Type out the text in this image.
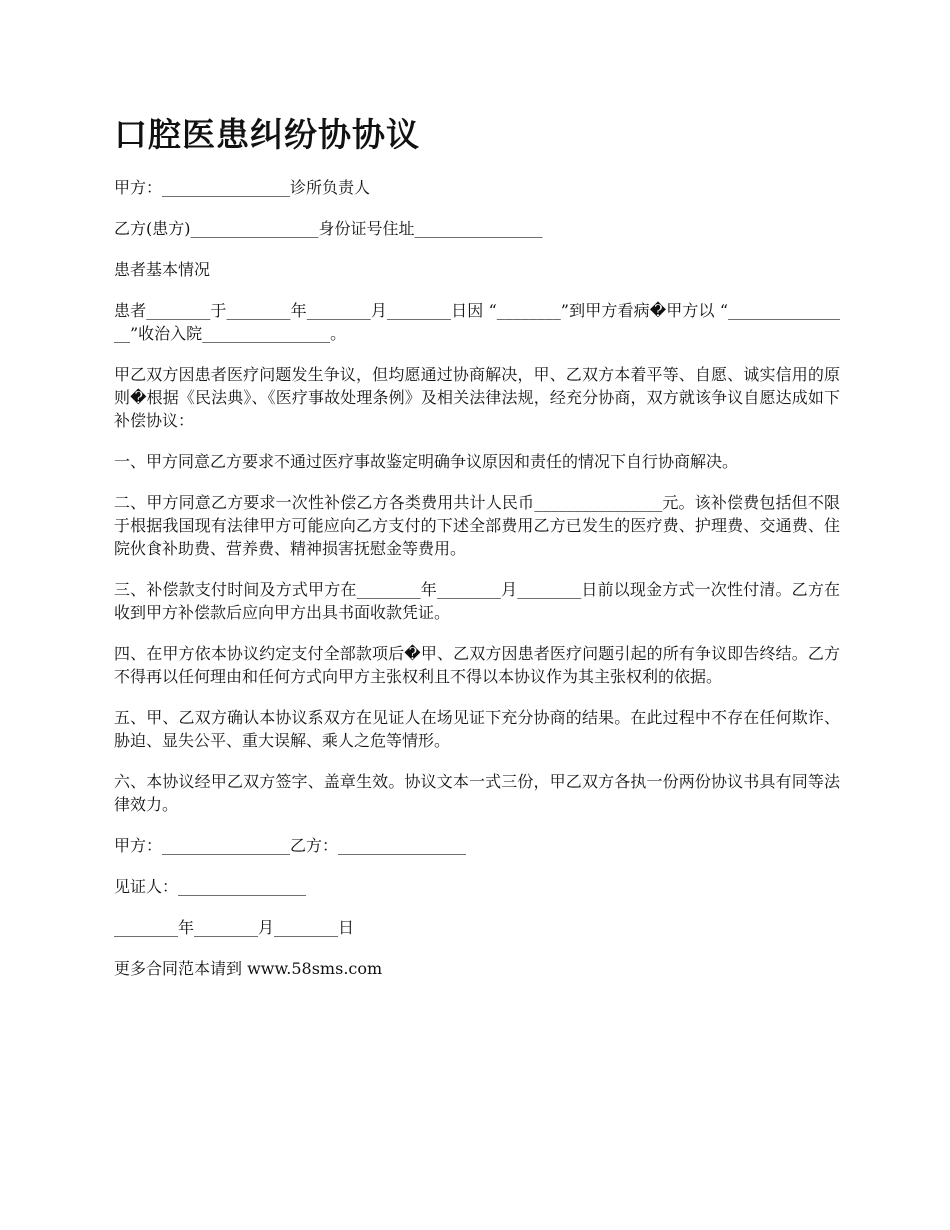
口腔医患纠纷协协议

甲方：________________诊所负责人

乙方(患方)________________身份证号住址________________

患者基本情况

患者________于________年________月________日因 “________”到甲方看病�甲方以 “________________”收治入院________________。

甲乙双方因患者医疗问题发生争议，但均愿通过协商解决，甲、乙双方本着平等、自愿、诚实信用的原则�根据《民法典》、《医疗事故处理条例》及相关法律法规，经充分协商，双方就该争议自愿达成如下补偿协议：

一、甲方同意乙方要求不通过医疗事故鉴定明确争议原因和责任的情况下自行协商解决。

二、甲方同意乙方要求一次性补偿乙方各类费用共计人民币________________元。该补偿费包括但不限于根据我国现有法律甲方可能应向乙方支付的下述全部费用乙方已发生的医疗费、护理费、交通费、住院伙食补助费、营养费、精神损害抚慰金等费用。

三、补偿款支付时间及方式甲方在________年________月________日前以现金方式一次性付清。乙方在收到甲方补偿款后应向甲方出具书面收款凭证。

四、在甲方依本协议约定支付全部款项后�甲、乙双方因患者医疗问题引起的所有争议即告终结。乙方不得再以任何理由和任何方式向甲方主张权利且不得以本协议作为其主张权利的依据。

五、甲、乙双方确认本协议系双方在见证人在场见证下充分协商的结果。在此过程中不存在任何欺诈、胁迫、显失公平、重大误解、乘人之危等情形。

六、本协议经甲乙双方签字、盖章生效。协议文本一式三份，甲乙双方各执一份两份协议书具有同等法律效力。

甲方：________________乙方：________________

见证人：________________

________年________月________日

更多合同范本请到 www.58sms.com
